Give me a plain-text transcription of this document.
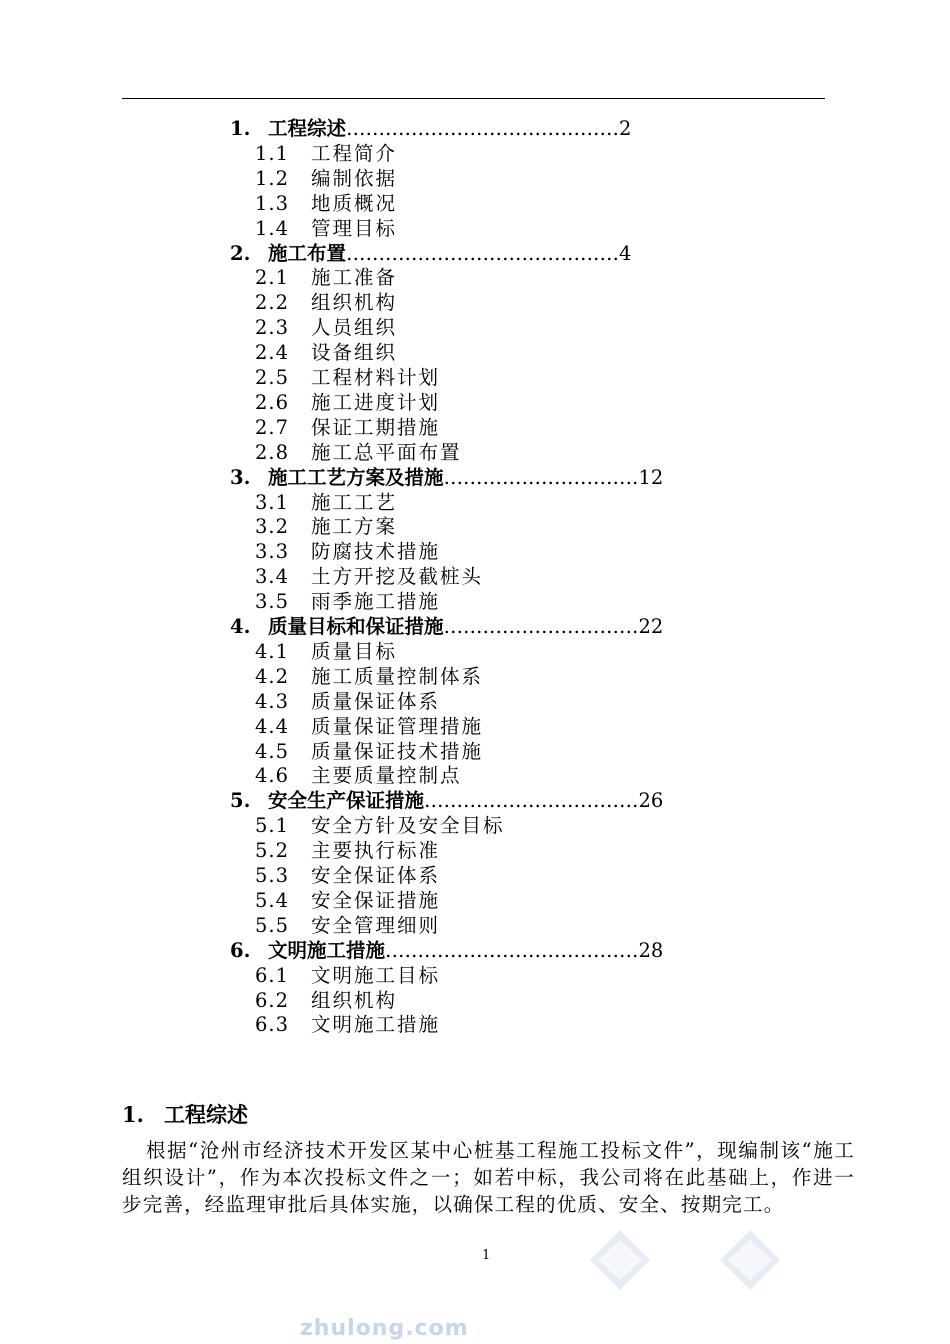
1. 工程综述……………………………………2
1.1 工程简介
1.2 编制依据
1.3 地质概况
1.4 管理目标
2. 施工布置……………………………………4
2.1 施工准备
2.2 组织机构
2.3 人员组织
2.4 设备组织
2.5 工程材料计划
2.6 施工进度计划
2.7 保证工期措施
2.8 施工总平面布置
3. 施工工艺方案及措施…………………………12
3.1 施工工艺
3.2 施工方案
3.3 防腐技术措施
3.4 土方开挖及截桩头
3.5 雨季施工措施
4. 质量目标和保证措施…………………………22
4.1 质量目标
4.2 施工质量控制体系
4.3 质量保证体系
4.4 质量保证管理措施
4.5 质量保证技术措施
4.6 主要质量控制点
5. 安全生产保证措施……………………………26
5.1 安全方针及安全目标
5.2 主要执行标准
5.3 安全保证体系
5.4 安全保证措施
5.5 安全管理细则
6. 文明施工措施…………………………………28
6.1 文明施工目标
6.2 组织机构
6.3 文明施工措施
1. 工程综述
根据“沧州市经济技术开发区某中心桩基工程施工投标文件”，现编制该“施工组织设计”，作为本次投标文件之一；如若中标，我公司将在此基础上，作进一步完善，经监理审批后具体实施，以确保工程的优质、安全、按期完工。
1
zhulong.com
